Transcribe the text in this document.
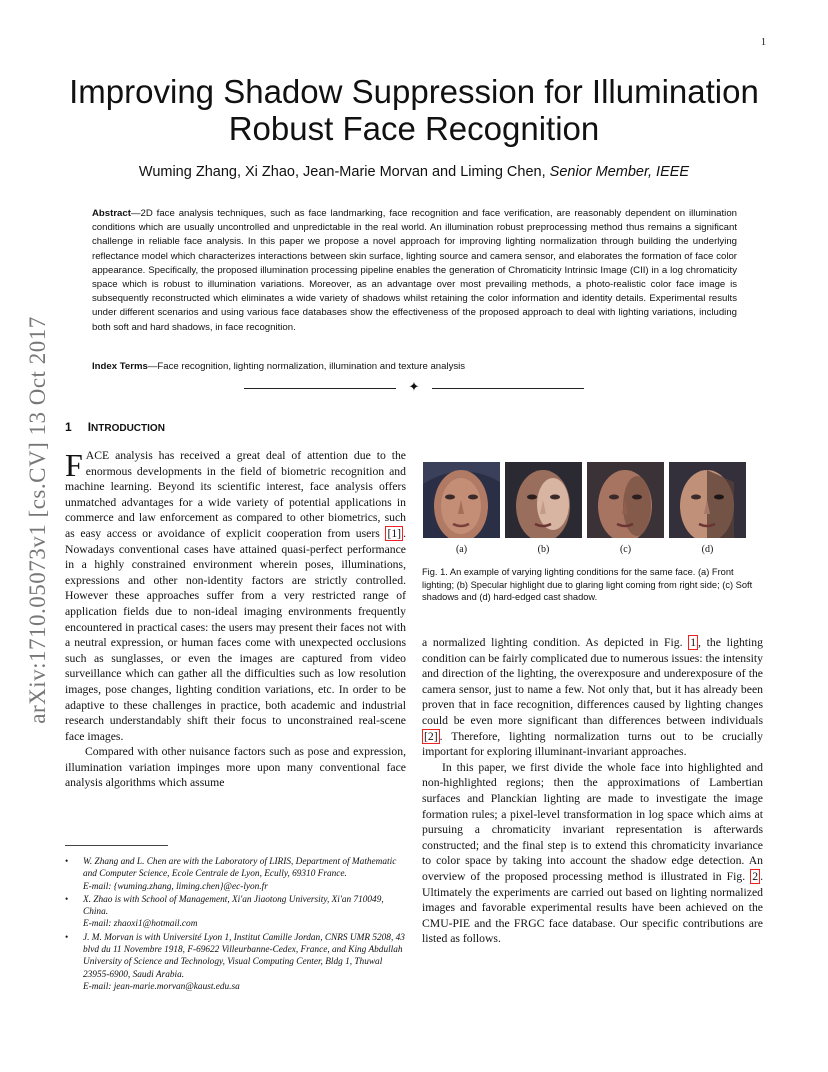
1
arXiv:1710.05073v1 [cs.CV] 13 Oct 2017
Improving Shadow Suppression for Illumination Robust Face Recognition
Wuming Zhang, Xi Zhao, Jean-Marie Morvan and Liming Chen, Senior Member, IEEE
Abstract—2D face analysis techniques, such as face landmarking, face recognition and face verification, are reasonably dependent on illumination conditions which are usually uncontrolled and unpredictable in the real world. An illumination robust preprocessing method thus remains a significant challenge in reliable face analysis. In this paper we propose a novel approach for improving lighting normalization through building the underlying reflectance model which characterizes interactions between skin surface, lighting source and camera sensor, and elaborates the formation of face color appearance. Specifically, the proposed illumination processing pipeline enables the generation of Chromaticity Intrinsic Image (CII) in a log chromaticity space which is robust to illumination variations. Moreover, as an advantage over most prevailing methods, a photo-realistic color face image is subsequently reconstructed which eliminates a wide variety of shadows whilst retaining the color information and identity details. Experimental results under different scenarios and using various face databases show the effectiveness of the proposed approach to deal with lighting variations, including both soft and hard shadows, in face recognition.
Index Terms—Face recognition, lighting normalization, illumination and texture analysis
✦
1 INTRODUCTION

FACE analysis has received a great deal of attention due to the enormous developments in the field of biometric recognition and machine learning. Beyond its scientific interest, face analysis offers unmatched advantages for a wide variety of potential applications in commerce and law enforcement as compared to other biometrics, such as easy access or avoidance of explicit cooperation from users [1] . Nowadays conventional cases have attained quasi-perfect performance in a highly constrained environment wherein poses, illuminations, expressions and other non-identity factors are strictly controlled. However these approaches suffer from a very restricted range of application fields due to non-ideal imaging environments frequently encountered in practical cases: the users may present their faces not with a neutral expression, or human faces come with unexpected occlusions such as sunglasses, or even the images are captured from video surveillance which can gather all the difficulties such as low resolution images, pose changes, lighting condition variations, etc. In order to be adaptive to these challenges in practice, both academic and industrial research understandably shift their focus to unconstrained real-scene face images.

Compared with other nuisance factors such as pose and expression, illumination variation impinges more upon many conventional face analysis algorithms which assume

• W. Zhang and L. Chen are with the Laboratory of LIRIS, Department of Mathematic and Computer Science, Ecole Centrale de Lyon, Ecully, 69310 France.
E-mail: {wuming.zhang, liming.chen}@ec-lyon.fr
• X. Zhao is with School of Management, Xi'an Jiaotong University, Xi'an 710049, China.
E-mail: zhaoxi1@hotmail.com
• J. M. Morvan is with Université Lyon 1, Institut Camille Jordan, CNRS UMR 5208, 43 blvd du 11 Novembre 1918, F-69622 Villeurbanne-Cedex, France, and King Abdullah University of Science and Technology, Visual Computing Center, Bldg 1, Thuwal 23955-6900, Saudi Arabia.
E-mail: jean-marie.morvan@kaust.edu.sa
(a)	(b)	(c)	(d)
Fig. 1. An example of varying lighting conditions for the same face. (a) Front lighting; (b) Specular highlight due to glaring light coming from right side; (c) Soft shadows and (d) hard-edged cast shadow.

a normalized lighting condition. As depicted in Fig. 1 , the lighting condition can be fairly complicated due to numerous issues: the intensity and direction of the lighting, the overexposure and underexposure of the camera sensor, just to name a few. Not only that, but it has already been proven that in face recognition, differences caused by lighting changes could be even more significant than differences between individuals [2] . Therefore, lighting normalization turns out to be crucially important for exploring illuminant-invariant approaches.

In this paper, we first divide the whole face into highlighted and non-highlighted regions; then the approximations of Lambertian surfaces and Planckian lighting are made to investigate the image formation rules; a pixel-level transformation in log space which aims at pursuing a chromaticity invariant representation is afterwards constructed; and the final step is to extend this chromaticity invariance to color space by taking into account the shadow edge detection. An overview of the proposed processing method is illustrated in Fig. 2 . Ultimately the experiments are carried out based on lighting normalized images and favorable experimental results have been achieved on the CMU-PIE and the FRGC face database. Our specific contributions are listed as follows.
